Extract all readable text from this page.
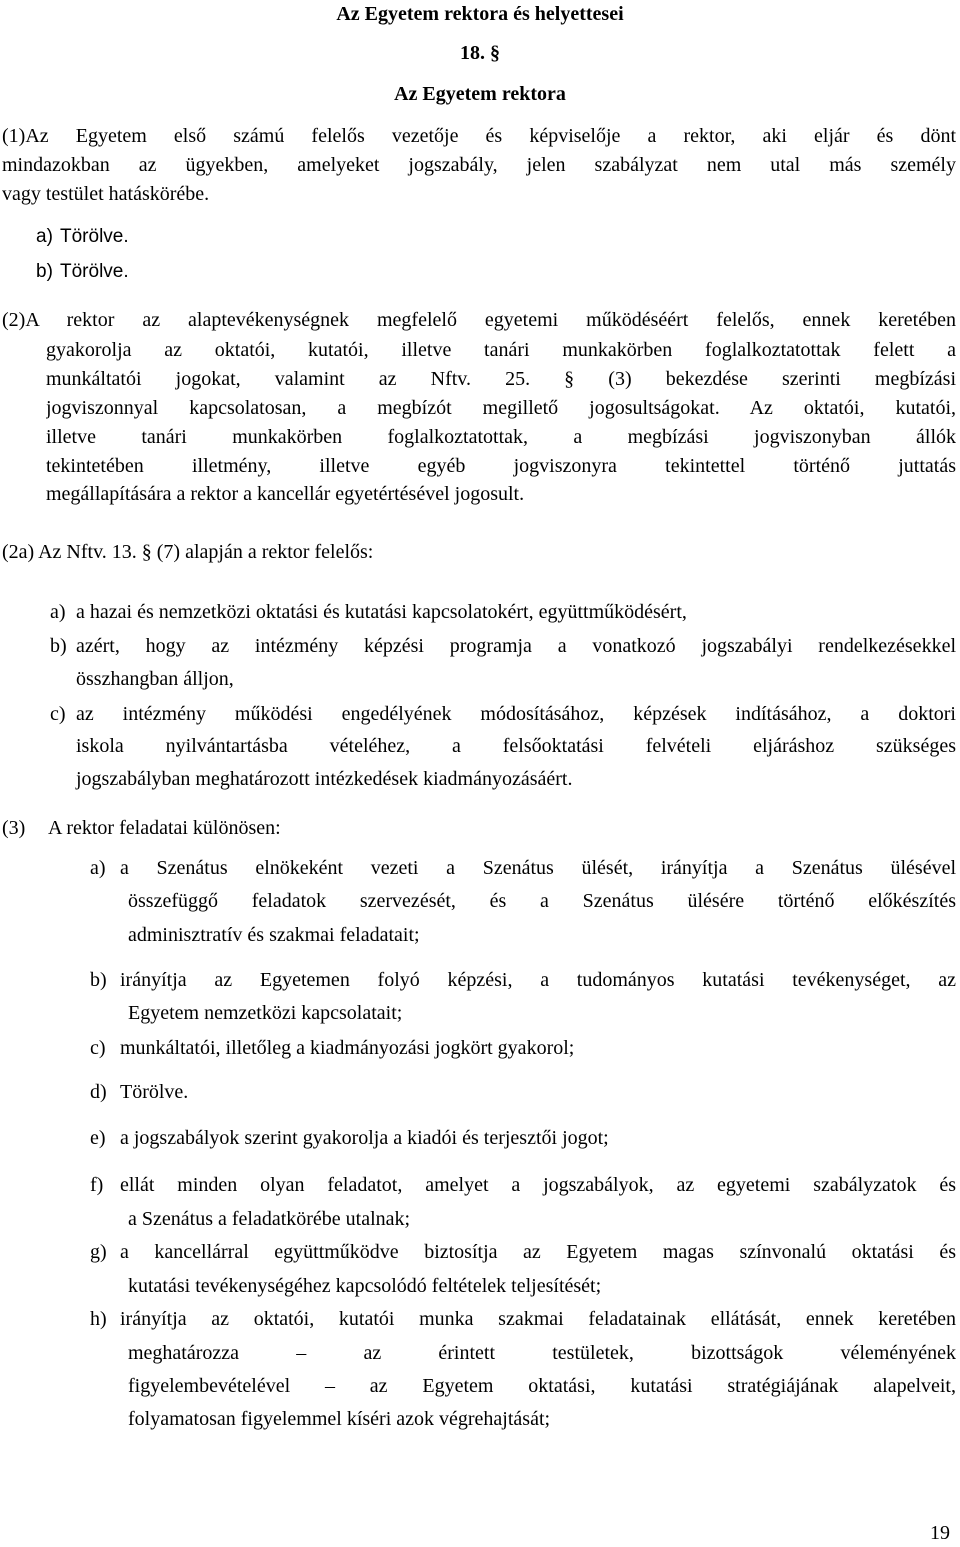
Az Egyetem rektora és helyettesei
18. §
Az Egyetem rektora
(1)Az Egyetem első számú felelős vezetője és képviselője a rektor, aki eljár és dönt
mindazokban az ügyekben, amelyeket jogszabály, jelen szabályzat nem utal más személy
vagy testület hatáskörébe.
a) Törölve.
b) Törölve.
(2)A rektor az alaptevékenységnek megfelelő egyetemi működéséért felelős, ennek keretében
gyakorolja az oktatói, kutatói, illetve tanári munkakörben foglalkoztatottak felett a
munkáltatói jogokat, valamint az Nftv. 25. § (3) bekezdése szerinti megbízási
jogviszonnyal kapcsolatosan, a megbízót megillető jogosultságokat. Az oktatói, kutatói,
illetve tanári munkakörben foglalkoztatottak, a megbízási jogviszonyban állók
tekintetében illetmény, illetve egyéb jogviszonyra tekintettel történő juttatás
megállapítására a rektor a kancellár egyetértésével jogosult.
(2a) Az Nftv. 13. § (7) alapján a rektor felelős:
a) a hazai és nemzetközi oktatási és kutatási kapcsolatokért, együttműködésért,
b) azért, hogy az intézmény képzési programja a vonatkozó jogszabályi rendelkezésekkel
összhangban álljon,
c) az intézmény működési engedélyének módosításához, képzések indításához, a doktori
iskola nyilvántartásba vételéhez, a felsőoktatási felvételi eljáráshoz szükséges
jogszabályban meghatározott intézkedések kiadmányozásáért.
(3) A rektor feladatai különösen:
a) a Szenátus elnökeként vezeti a Szenátus ülését, irányítja a Szenátus ülésével
összefüggő feladatok szervezését, és a Szenátus ülésére történő előkészítés
adminisztratív és szakmai feladatait;
b) irányítja az Egyetemen folyó képzési, a tudományos kutatási tevékenységet, az
Egyetem nemzetközi kapcsolatait;
c) munkáltatói, illetőleg a kiadmányozási jogkört gyakorol;
d) Törölve.
e) a jogszabályok szerint gyakorolja a kiadói és terjesztői jogot;
f) ellát minden olyan feladatot, amelyet a jogszabályok, az egyetemi szabályzatok és
a Szenátus a feladatkörébe utalnak;
g) a kancellárral együttműködve biztosítja az Egyetem magas színvonalú oktatási és
kutatási tevékenységéhez kapcsolódó feltételek teljesítését;
h) irányítja az oktatói, kutatói munka szakmai feladatainak ellátását, ennek keretében
meghatározza – az érintett testületek, bizottságok véleményének
figyelembevételével – az Egyetem oktatási, kutatási stratégiájának alapelveit,
folyamatosan figyelemmel kíséri azok végrehajtását;
19
